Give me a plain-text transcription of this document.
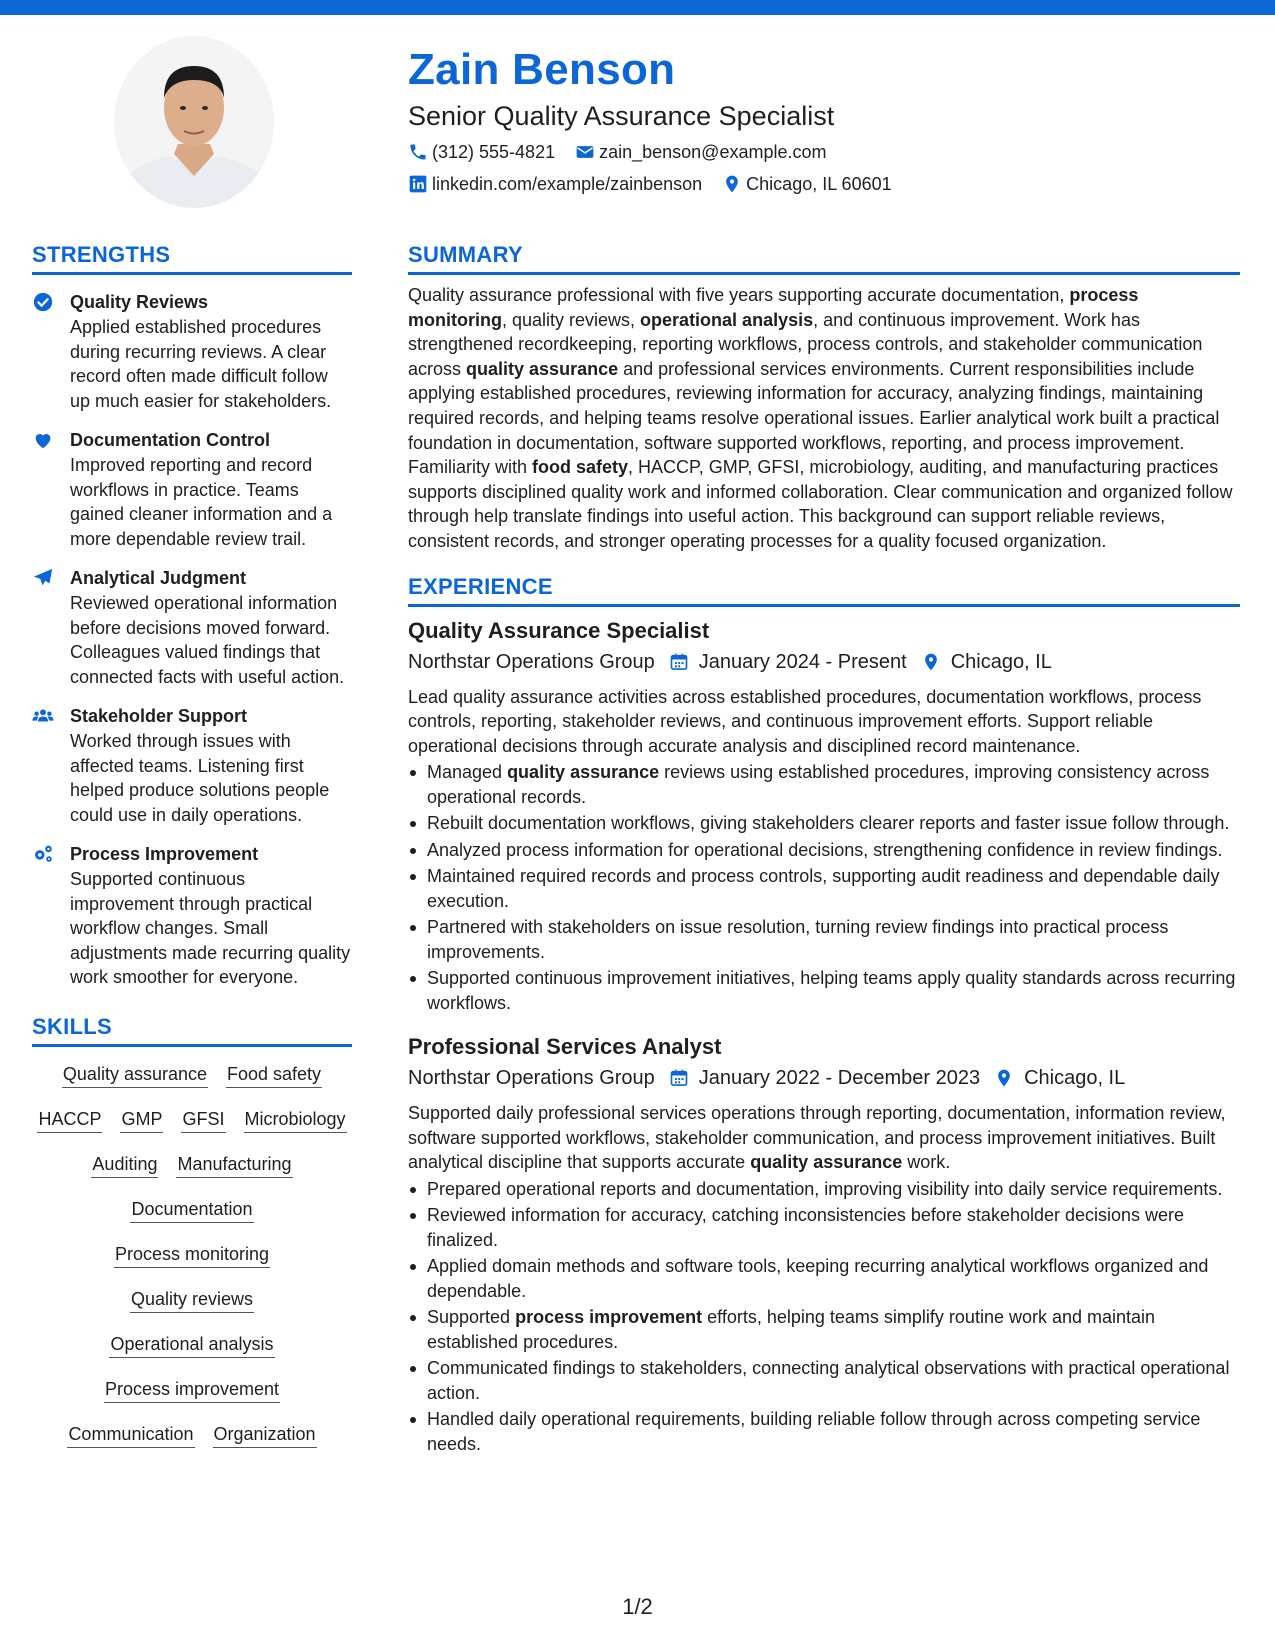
Zain Benson
Senior Quality Assurance Specialist
(312) 555-4821 zain_benson@example.com
linkedin.com/example/zainbenson Chicago, IL 60601
STRENGTHS
Quality Reviews
Applied established procedures during recurring reviews. A clear record often made difficult follow up much easier for stakeholders.
Documentation Control
Improved reporting and record workflows in practice. Teams gained cleaner information and a more dependable review trail.
Analytical Judgment
Reviewed operational information before decisions moved forward. Colleagues valued findings that connected facts with useful action.
Stakeholder Support
Worked through issues with affected teams. Listening first helped produce solutions people could use in daily operations.
Process Improvement
Supported continuous improvement through practical workflow changes. Small adjustments made recurring quality work smoother for everyone.
SKILLS
Quality assurance Food safety
HACCP GMP GFSI Microbiology
Auditing Manufacturing
Documentation
Process monitoring
Quality reviews
Operational analysis
Process improvement
Communication Organization
SUMMARY
Quality assurance professional with five years supporting accurate documentation, process monitoring, quality reviews, operational analysis, and continuous improvement. Work has strengthened recordkeeping, reporting workflows, process controls, and stakeholder communication across quality assurance and professional services environments. Current responsibilities include applying established procedures, reviewing information for accuracy, analyzing findings, maintaining required records, and helping teams resolve operational issues. Earlier analytical work built a practical foundation in documentation, software supported workflows, reporting, and process improvement. Familiarity with food safety, HACCP, GMP, GFSI, microbiology, auditing, and manufacturing practices supports disciplined quality work and informed collaboration. Clear communication and organized follow through help translate findings into useful action. This background can support reliable reviews, consistent records, and stronger operating processes for a quality focused organization.
EXPERIENCE
Quality Assurance Specialist
Northstar Operations Group January 2024 - Present Chicago, IL
Lead quality assurance activities across established procedures, documentation workflows, process controls, reporting, stakeholder reviews, and continuous improvement efforts. Support reliable operational decisions through accurate analysis and disciplined record maintenance.
Managed quality assurance reviews using established procedures, improving consistency across operational records.
Rebuilt documentation workflows, giving stakeholders clearer reports and faster issue follow through.
Analyzed process information for operational decisions, strengthening confidence in review findings.
Maintained required records and process controls, supporting audit readiness and dependable daily execution.
Partnered with stakeholders on issue resolution, turning review findings into practical process improvements.
Supported continuous improvement initiatives, helping teams apply quality standards across recurring workflows.
Professional Services Analyst
Northstar Operations Group January 2022 - December 2023 Chicago, IL
Supported daily professional services operations through reporting, documentation, information review, software supported workflows, stakeholder communication, and process improvement initiatives. Built analytical discipline that supports accurate quality assurance work.
Prepared operational reports and documentation, improving visibility into daily service requirements.
Reviewed information for accuracy, catching inconsistencies before stakeholder decisions were finalized.
Applied domain methods and software tools, keeping recurring analytical workflows organized and dependable.
Supported process improvement efforts, helping teams simplify routine work and maintain established procedures.
Communicated findings to stakeholders, connecting analytical observations with practical operational action.
Handled daily operational requirements, building reliable follow through across competing service needs.
1/2
